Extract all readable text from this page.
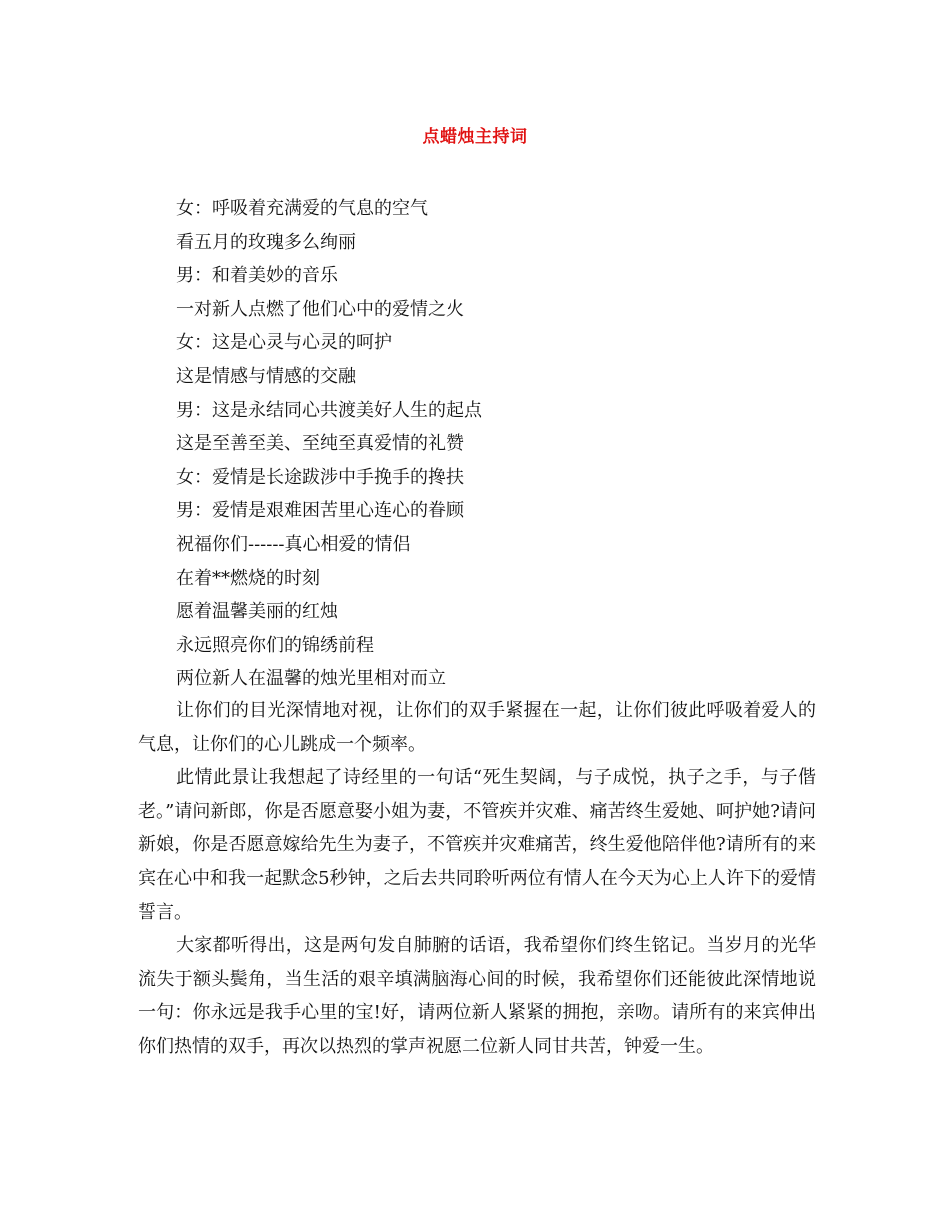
点蜡烛主持词
女：呼吸着充满爱的气息的空气
看五月的玫瑰多么绚丽
男：和着美妙的音乐
一对新人点燃了他们心中的爱情之火
女：这是心灵与心灵的呵护
这是情感与情感的交融
男：这是永结同心共渡美好人生的起点
这是至善至美、至纯至真爱情的礼赞
女：爱情是长途跋涉中手挽手的搀扶
男：爱情是艰难困苦里心连心的眷顾
祝福你们------真心相爱的情侣
在着**燃烧的时刻
愿着温馨美丽的红烛
永远照亮你们的锦绣前程
两位新人在温馨的烛光里相对而立

让你们的目光深情地对视，让你们的双手紧握在一起，让你们彼此呼吸着爱人的气息，让你们的心儿跳成一个频率。

此情此景让我想起了诗经里的一句话“死生契阔，与子成悦，执子之手，与子偕老。”请问新郎，你是否愿意娶小姐为妻，不管疾并灾难、痛苦终生爱她、呵护她?请问新娘，你是否愿意嫁给先生为妻子，不管疾并灾难痛苦，终生爱他陪伴他?请所有的来宾在心中和我一起默念5秒钟，之后去共同聆听两位有情人在今天为心上人许下的爱情誓言。

大家都听得出，这是两句发自肺腑的话语，我希望你们终生铭记。当岁月的光华流失于额头鬓角，当生活的艰辛填满脑海心间的时候，我希望你们还能彼此深情地说一句：你永远是我手心里的宝!好，请两位新人紧紧的拥抱，亲吻。请所有的来宾伸出你们热情的双手，再次以热烈的掌声祝愿二位新人同甘共苦，钟爱一生。
